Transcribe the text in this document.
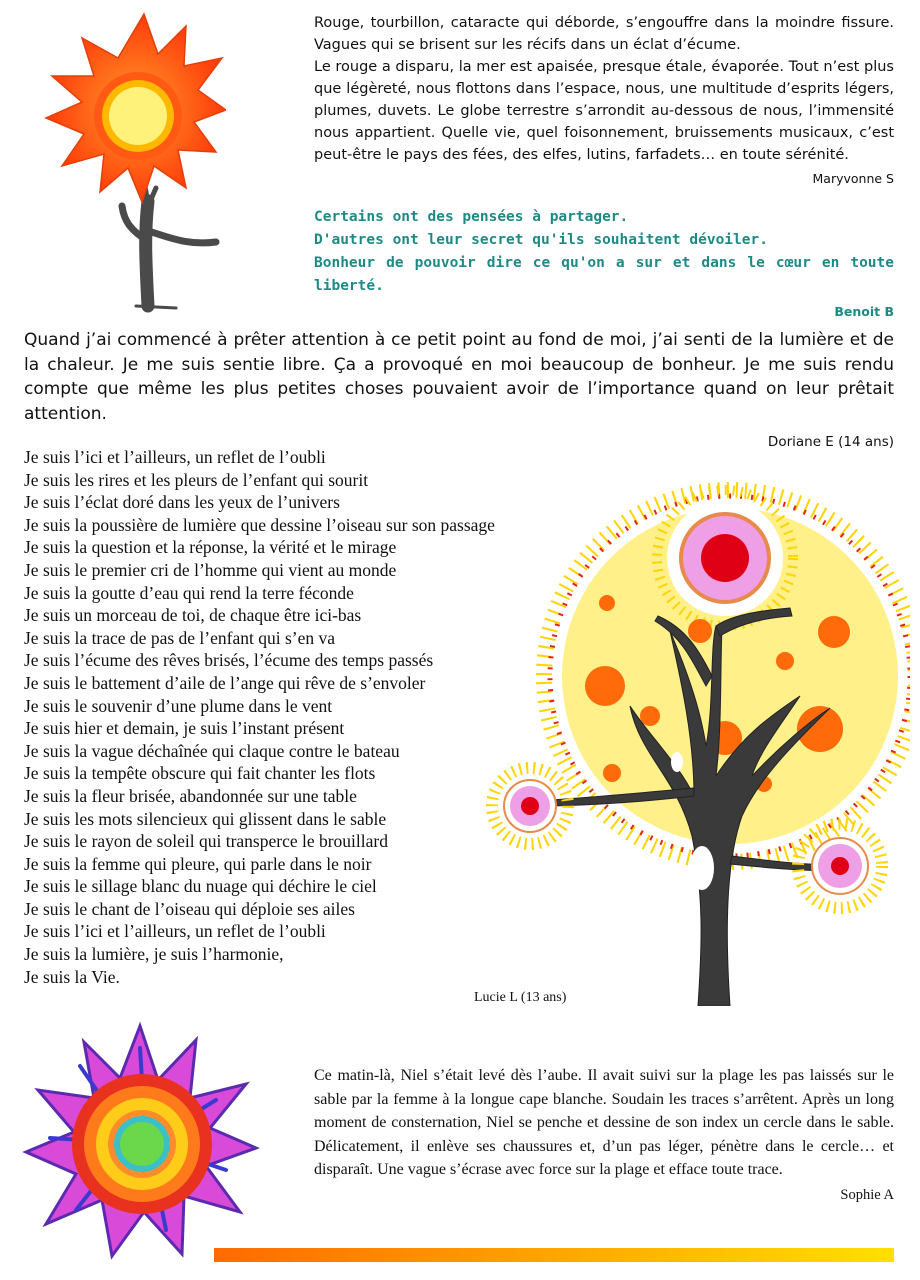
Rouge, tourbillon, cataracte qui déborde, s’engouffre dans la moindre fissure. Vagues qui se brisent sur les récifs dans un éclat d’écume.
Le rouge a disparu, la mer est apaisée, presque étale, évaporée. Tout n’est plus que légèreté, nous flottons dans l’espace, nous, une multitude d’esprits légers, plumes, duvets. Le globe terrestre s’arrondit au-dessous de nous, l’immensité nous appartient. Quelle vie, quel foisonnement, bruissements musicaux, c’est peut-être le pays des fées, des elfes, lutins, farfadets… en toute sérénité.
Maryvonne S
Certains ont des pensées à partager.
D'autres ont leur secret qu'ils souhaitent dévoiler.
Bonheur de pouvoir dire ce qu'on a sur et dans le cœur en toute liberté.
Benoit B
Quand j’ai commencé à prêter attention à ce petit point au fond de moi, j’ai senti de la lumière et de la chaleur. Je me suis sentie libre. Ça a provoqué en moi beaucoup de bonheur. Je me suis rendu compte que même les plus petites choses pouvaient avoir de l’importance quand on leur prêtait attention.
Doriane E (14 ans)
Je suis l’ici et l’ailleurs, un reflet de l’oubli
Je suis les rires et les pleurs de l’enfant qui sourit
Je suis l’éclat doré dans les yeux de l’univers
Je suis la poussière de lumière que dessine l’oiseau sur son passage
Je suis la question et la réponse, la vérité et le mirage
Je suis le premier cri de l’homme qui vient au monde
Je suis la goutte d’eau qui rend la terre féconde
Je suis un morceau de toi, de chaque être ici-bas
Je suis la trace de pas de l’enfant qui s’en va
Je suis l’écume des rêves brisés, l’écume des temps passés
Je suis le battement d’aile de l’ange qui rêve de s’envoler
Je suis le souvenir d’une plume dans le vent
Je suis hier et demain, je suis l’instant présent
Je suis la vague déchaînée qui claque contre le bateau
Je suis la tempête obscure qui fait chanter les flots
Je suis la fleur brisée, abandonnée sur une table
Je suis les mots silencieux qui glissent dans le sable
Je suis le rayon de soleil qui transperce le brouillard
Je suis la femme qui pleure, qui parle dans le noir
Je suis le sillage blanc du nuage qui déchire le ciel
Je suis le chant de l’oiseau qui déploie ses ailes
Je suis l’ici et l’ailleurs, un reflet de l’oubli
Je suis la lumière, je suis l’harmonie,
Je suis la Vie.
Lucie L (13 ans)
Ce matin-là, Niel s’était levé dès l’aube. Il avait suivi sur la plage les pas laissés sur le sable par la femme à la longue cape blanche. Soudain les traces s’arrêtent. Après un long moment de consternation, Niel se penche et dessine de son index un cercle dans le sable. Délicatement, il enlève ses chaussures et, d’un pas léger, pénètre dans le cercle… et disparaît. Une vague s’écrase avec force sur la plage et efface toute trace.
Sophie A
